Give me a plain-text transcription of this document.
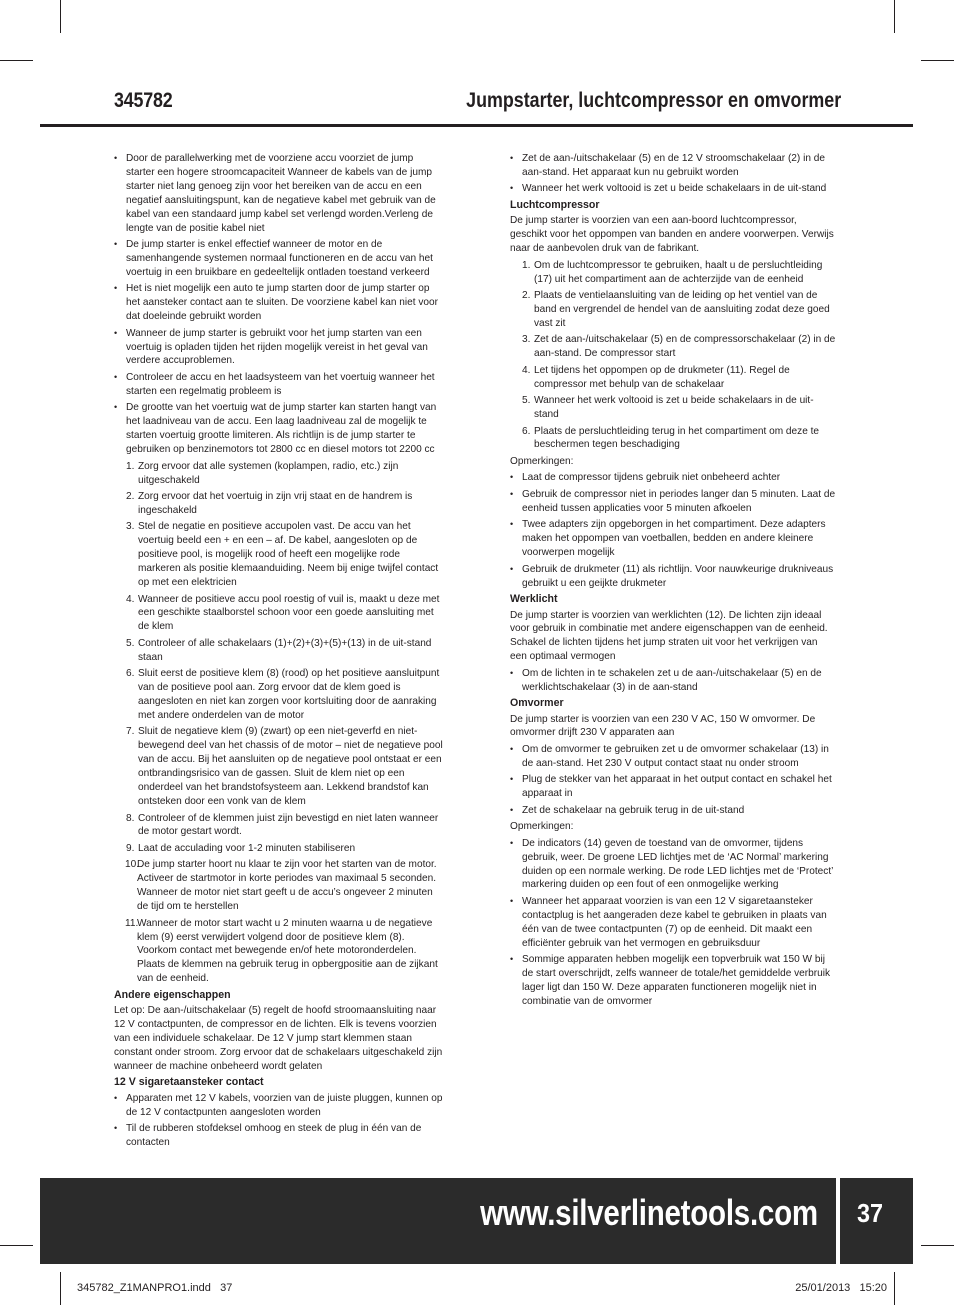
345782	Jumpstarter, luchtcompressor en omvormer
• Door de parallelwerking met de voorziene accu voorziet de jump starter een hogere stroomcapaciteit Wanneer de kabels van de jump starter niet lang genoeg zijn voor het bereiken van de accu en een negatief aansluitingspunt, kan de negatieve kabel met gebruik van de kabel van een standaard jump kabel set verlengd worden.Verleng de lengte van de positie kabel niet
• De jump starter is enkel effectief wanneer de motor en de samenhangende systemen normaal functioneren en de accu van het voertuig in een bruikbare en gedeeltelijk ontladen toestand verkeerd
• Het is niet mogelijk een auto te jump starten door de jump starter op het aansteker contact aan te sluiten. De voorziene kabel kan niet voor dat doeleinde gebruikt worden
• Wanneer de jump starter is gebruikt voor het jump starten van een voertuig is opladen tijden het rijden mogelijk vereist in het geval van verdere accuproblemen.
• Controleer de accu en het laadsysteem van het voertuig wanneer het starten een regelmatig probleem is
• De grootte van het voertuig wat de jump starter kan starten hangt van het laadniveau van de accu. Een laag laadniveau zal de mogelijk te starten voertuig grootte limiteren. Als richtlijn is de jump starter te gebruiken op benzinemotors tot 2800 cc en diesel motors tot 2200 cc
1. Zorg ervoor dat alle systemen (koplampen, radio, etc.) zijn uitgeschakeld
2. Zorg ervoor dat het voertuig in zijn vrij staat en de handrem is ingeschakeld
3. Stel de negatie en positieve accupolen vast. De accu van het voertuig beeld een + en een – af. De kabel, aangesloten op de positieve pool, is mogelijk rood of heeft een mogelijke rode markeren als positie klemaanduiding. Neem bij enige twijfel contact op met een elektricien
4. Wanneer de positieve accu pool roestig of vuil is, maakt u deze met een geschikte staalborstel schoon voor een goede aansluiting met de klem
5. Controleer of alle schakelaars (1)+(2)+(3)+(5)+(13) in de uit-stand staan
6. Sluit eerst de positieve klem (8) (rood) op het positieve aansluitpunt van de positieve pool aan. Zorg ervoor dat de klem goed is aangesloten en niet kan zorgen voor kortsluiting door de aanraking met andere onderdelen van de motor
7. Sluit de negatieve klem (9) (zwart) op een niet-geverfd en niet-bewegend deel van het chassis of de motor – niet de negatieve pool van de accu. Bij het aansluiten op de negatieve pool ontstaat er een ontbrandingsrisico van de gassen. Sluit de klem niet op een onderdeel van het brandstofsysteem aan. Lekkend brandstof kan ontsteken door een vonk van de klem
8. Controleer of de klemmen juist zijn bevestigd en niet laten wanneer de motor gestart wordt.
9. Laat de acculading voor 1-2 minuten stabiliseren
10.
De jump starter hoort nu klaar te zijn voor het starten van de motor. Activeer de startmotor in korte periodes van maximaal 5 seconden. Wanneer de motor niet start geeft u de accu’s ongeveer 2 minuten de tijd om te herstellen
11.
Wanneer de motor start wacht u 2 minuten waarna u de negatieve klem (9) eerst verwijdert volgend door de positieve klem (8). Voorkom contact met bewegende en/of hete motoronderdelen. Plaats de klemmen na gebruik terug in opbergpositie aan de zijkant van de eenheid.
Andere eigenschappen
Let op: De aan-/uitschakelaar (5) regelt de hoofd stroomaansluiting naar 12 V contactpunten, de compressor en de lichten. Elk is tevens voorzien van een individuele schakelaar. De 12 V jump start klemmen staan constant onder stroom. Zorg ervoor dat de schakelaars uitgeschakeld zijn wanneer de machine onbeheerd wordt gelaten
12 V sigaretaansteker contact
• Apparaten met 12 V kabels, voorzien van de juiste pluggen, kunnen op de 12 V contactpunten aangesloten worden
• Til de rubberen stofdeksel omhoog en steek de plug in één van de contacten
• Zet de aan-/uitschakelaar (5) en de 12 V stroomschakelaar (2) in de aan-stand. Het apparaat kun nu gebruikt worden
• Wanneer het werk voltooid is zet u beide schakelaars in de uit-stand
Luchtcompressor
De jump starter is voorzien van een aan-boord luchtcompressor, geschikt voor het oppompen van banden en andere voorwerpen. Verwijs naar de aanbevolen druk van de fabrikant.
1. Om de luchtcompressor te gebruiken, haalt u de persluchtleiding (17) uit het compartiment aan de achterzijde van de eenheid
2. Plaats de ventielaansluiting van de leiding op het ventiel van de band en vergrendel de hendel van de aansluiting zodat deze goed vast zit
3. Zet de aan-/uitschakelaar (5) en de compressorschakelaar (2) in de aan-stand. De compressor start
4. Let tijdens het oppompen op de drukmeter (11). Regel de compressor met behulp van de schakelaar
5. Wanneer het werk voltooid is zet u beide schakelaars in de uit-stand
6. Plaats de persluchtleiding terug in het compartiment om deze te beschermen tegen beschadiging
Opmerkingen:
• Laat de compressor tijdens gebruik niet onbeheerd achter
• Gebruik de compressor niet in periodes langer dan 5 minuten. Laat de eenheid tussen applicaties voor 5 minuten afkoelen
• Twee adapters zijn opgeborgen in het compartiment. Deze adapters maken het oppompen van voetballen, bedden en andere kleinere voorwerpen mogelijk
• Gebruik de drukmeter (11) als richtlijn. Voor nauwkeurige drukniveaus gebruikt u een geijkte drukmeter
Werklicht
De jump starter is voorzien van werklichten (12). De lichten zijn ideaal voor gebruik in combinatie met andere eigenschappen van de eenheid. Schakel de lichten tijdens het jump straten uit voor het verkrijgen van een optimaal vermogen
• Om de lichten in te schakelen zet u de aan-/uitschakelaar (5) en de werklichtschakelaar (3) in de aan-stand
Omvormer
De jump starter is voorzien van een 230 V AC, 150 W omvormer. De omvormer drijft 230 V apparaten aan
• Om de omvormer te gebruiken zet u de omvormer schakelaar (13) in de aan-stand. Het 230 V output contact staat nu onder stroom
• Plug de stekker van het apparaat in het output contact en schakel het apparaat in
• Zet de schakelaar na gebruik terug in de uit-stand
Opmerkingen:
• De indicators (14) geven de toestand van de omvormer, tijdens gebruik, weer. De groene LED lichtjes met de ‘AC Normal’ markering duiden op een normale werking. De rode LED lichtjes met de ‘Protect’ markering duiden op een fout of een onmogelijke werking
• Wanneer het apparaat voorzien is van een 12 V sigaretaansteker contactplug is het aangeraden deze kabel te gebruiken in plaats van één van de twee contactpunten (7) op de eenheid. Dit maakt een efficiënter gebruik van het vermogen en gebruiksduur
• Sommige apparaten hebben mogelijk een topverbruik wat 150 W bij de start overschrijdt, zelfs wanneer de totale/het gemiddelde verbruik lager ligt dan 150 W. Deze apparaten functioneren mogelijk niet in combinatie van de omvormer
www.silverlinetools.com	37
345782_Z1MANPRO1.indd   37	25/01/2013   15:20
